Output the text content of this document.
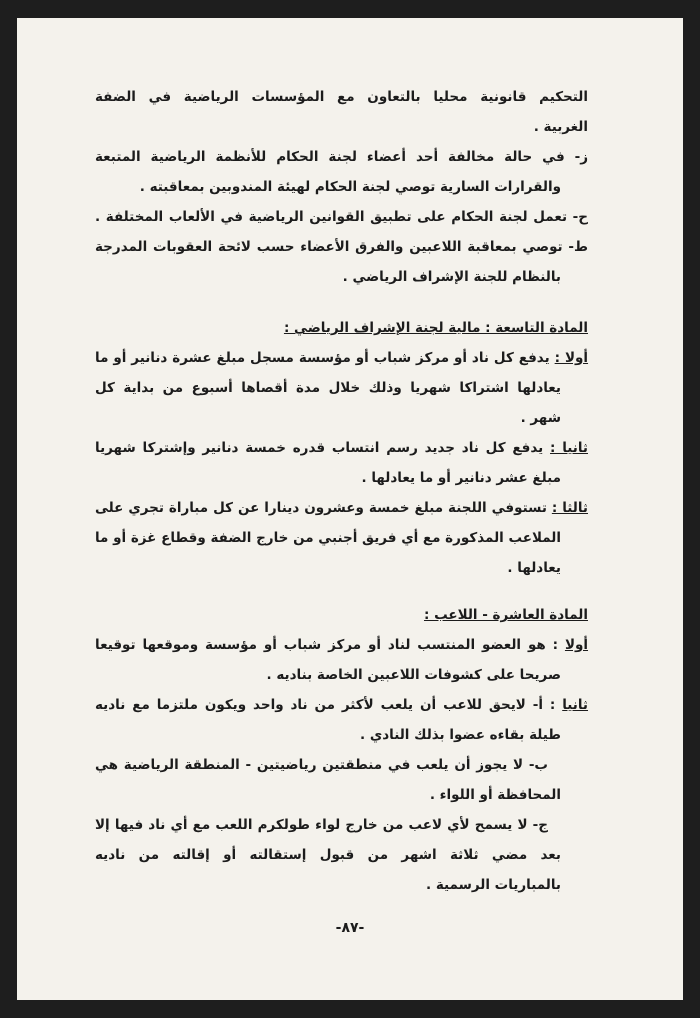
التحكيم قانونية محليا بالتعاون مع المؤسسات الرياضية في الضفة
الغربية .
ز- في حالة مخالفة أحد أعضاء لجنة الحكام للأنظمة الرياضية المتبعة
والقرارات السارية توصي لجنة الحكام لهيئة المندوبين بمعاقبته .
ح- تعمل لجنة الحكام على تطبيق القوانين الرياضية في الألعاب المختلفة .
ط- توصي بمعاقبة اللاعبين والفرق الأعضاء حسب لائحة العقوبات المدرجة
بالنظام للجنة الإشراف الرياضي .
المادة التاسعة : مالية لجنة الإشراف الرياضي :
أولا : يدفع كل ناد أو مركز شباب أو مؤسسة مسجل مبلغ عشرة دنانير أو ما
يعادلها اشتراكا شهريا وذلك خلال مدة أقصاها أسبوع من بداية كل
شهر .
ثانيا : يدفع كل ناد جديد رسم انتساب قدره خمسة دنانير وإشتركا شهريا
مبلغ عشر دنانير أو ما يعادلها .
ثالثا : تستوفي اللجنة مبلغ خمسة وعشرون دينارا عن كل مباراة تجري على
الملاعب المذكورة مع أي فريق أجنبي من خارج الضفة وقطاع غزة أو ما
يعادلها .
المادة العاشرة - اللاعب :
أولا : هو العضو المنتسب لناد أو مركز شباب أو مؤسسة وموقعها توقيعا
صريحا على كشوفات اللاعبين الخاصة بناديه .
ثانيا : أ- لايحق للاعب أن يلعب لأكثر من ناد واحد ويكون ملتزما مع ناديه
طيلة بقاءه عضوا بذلك النادي .
ب- لا يجوز أن يلعب في منطقتين رياضيتين - المنطقة الرياضية هي
المحافظة أو اللواء .
ج- لا يسمح لأي لاعب من خارج لواء طولكرم اللعب مع أي ناد فيها إلا
بعد مضي ثلاثة اشهر من قبول إستقالته أو إقالته من ناديه
بالمباريات الرسمية .
-٨٧-
